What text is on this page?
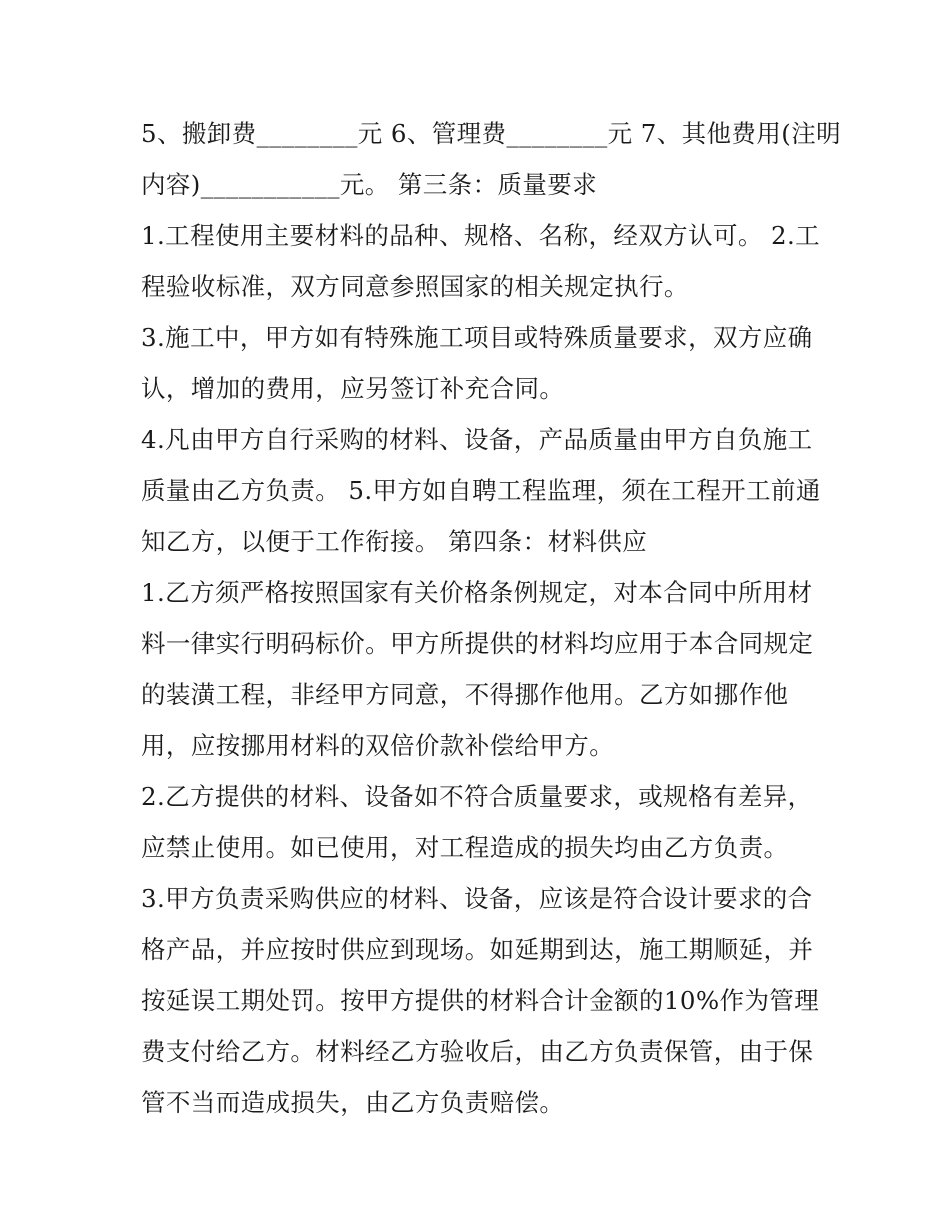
5、搬卸费________元 6、管理费________元 7、其他费用(注明
内容)___________元。 第三条：质量要求
1.工程使用主要材料的品种、规格、名称，经双方认可。 2.工
程验收标准，双方同意参照国家的相关规定执行。
3.施工中，甲方如有特殊施工项目或特殊质量要求，双方应确
认，增加的费用，应另签订补充合同。
4.凡由甲方自行采购的材料、设备，产品质量由甲方自负施工
质量由乙方负责。 5.甲方如自聘工程监理，须在工程开工前通
知乙方，以便于工作衔接。 第四条：材料供应
1.乙方须严格按照国家有关价格条例规定，对本合同中所用材
料一律实行明码标价。甲方所提供的材料均应用于本合同规定
的装潢工程，非经甲方同意，不得挪作他用。乙方如挪作他
用，应按挪用材料的双倍价款补偿给甲方。
2.乙方提供的材料、设备如不符合质量要求，或规格有差异，
应禁止使用。如已使用，对工程造成的损失均由乙方负责。
3.甲方负责采购供应的材料、设备，应该是符合设计要求的合
格产品，并应按时供应到现场。如延期到达，施工期顺延，并
按延误工期处罚。按甲方提供的材料合计金额的10%作为管理
费支付给乙方。材料经乙方验收后，由乙方负责保管，由于保
管不当而造成损失，由乙方负责赔偿。
